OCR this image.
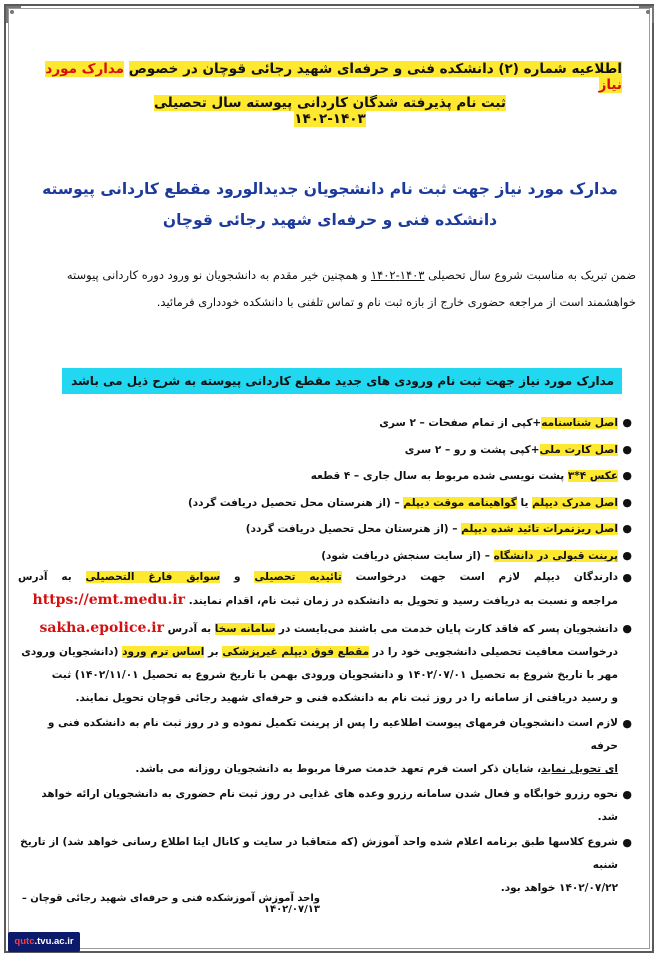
اطلاعیه شماره (۲) دانشکده فنی و حرفه‌ای شهید رجائی قوچان در خصوص مدارک مورد نیاز
ثبت نام پذیرفته شدگان کاردانی پیوسته سال تحصیلی ۱۴۰۳-۱۴۰۲
مدارک مورد نیاز جهت ثبت نام دانشجویان جدیدالورود مقطع کاردانی پیوسته
دانشکده فنی و حرفه‌ای شهید رجائی قوچان
ضمن تبریک به مناسبت شروع سال تحصیلی ۱۴۰۳-۱۴۰۲ و همچنین خیر مقدم به دانشجویان نو ورود دوره کاردانی پیوسته
خواهشمند است از مراجعه حضوری خارج از بازه ثبت نام و تماس تلفنی با دانشکده خودداری فرمائید.
مدارک مورد نیاز جهت ثبت نام ورودی های جدید مقطع کاردانی پیوسته به شرح ذیل می باشد
●
اصل شناسنامه+کپی از تمام صفحات – ۲ سری
●
اصل کارت ملی+کپی پشت و رو – ۲ سری
●
عکس ۴*۳ پشت نویسی شده مربوط به سال جاری – ۴ قطعه
●
اصل مدرک دیپلم یا گواهینامه موقت دیپلم – (از هنرستان محل تحصیل دریافت گردد)
●
اصل ریزنمرات تائید شده دیپلم – (از هنرستان محل تحصیل دریافت گردد)
●
پرینت قبولی در دانشگاه – (از سایت سنجش دریافت شود)
●
دارندگان دیپلم لازم است جهت درخواست تائیدیه تحصیلی و سوابق فارغ التحصیلی به آدرس
مراجعه و نسبت به دریافت رسید و تحویل به دانشکده در زمان ثبت نام، اقدام نمایند. https://emt.medu.ir
●
دانشجویان پسر که فاقد کارت پایان خدمت می باشند می‌بایست در سامانه سخا به آدرس sakha.epolice.ir
درخواست معافیت تحصیلی دانشجویی خود را در مقطع فوق دیپلم غیرپزشکی بر اساس ترم ورود (دانشجویان ورودی
مهر با تاریخ شروع به تحصیل ۱۴۰۲/۰۷/۰۱ و دانشجویان ورودی بهمن با تاریخ شروع به تحصیل ۱۴۰۲/۱۱/۰۱) ثبت
و رسید دریافتی از سامانه را در روز ثبت نام به دانشکده فنی و حرفه‌ای شهید رجائی قوچان تحویل نمایند.
●
لازم است دانشجویان فرمهای پیوست اطلاعیه را پس از پرینت تکمیل نموده و در روز ثبت نام به دانشکده فنی و حرفه
ای تحویل نماید، شایان ذکر است فرم تعهد خدمت صرفا مربوط به دانشجویان روزانه می باشد.
●
نحوه رزرو خوابگاه و فعال شدن سامانه رزرو وعده های غذایی در روز ثبت نام حضوری به دانشجویان ارائه خواهد شد.
●
شروع کلاسها طبق برنامه اعلام شده واحد آموزش (که متعاقبا در سایت و کانال ایتا اطلاع رسانی خواهد شد) از تاریخ شنبه
۱۴۰۲/۰۷/۲۲ خواهد بود.
واحد آموزش آموزشکده فنی و حرفه‌ای شهید رجائی قوچان – ۱۴۰۲/۰۷/۱۳
qutc.tvu.ac.ir
